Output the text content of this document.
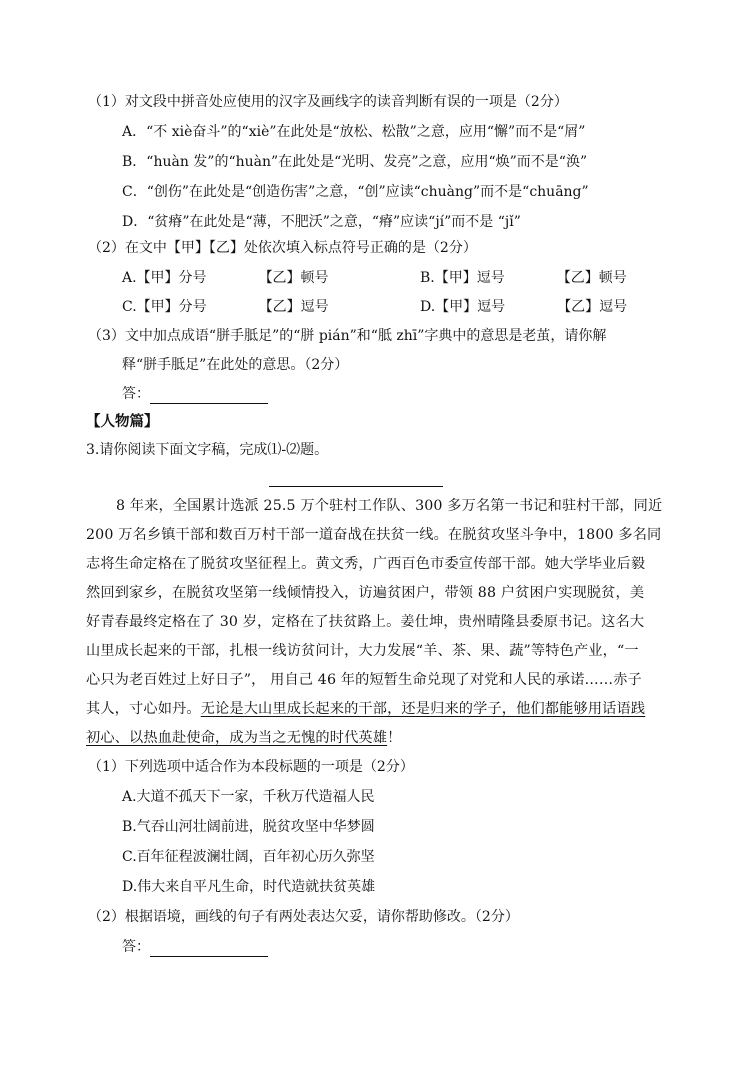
（1）对文段中拼音处应使用的汉字及画线字的读音判断有误的一项是（2分）
A．“不 xiè奋斗”的“xiè”在此处是“放松、松散”之意，应用“懈”而不是“屑”
B．“huàn 发”的“huàn”在此处是“光明、发亮”之意，应用“焕”而不是“涣”
C．“创伤”在此处是“创造伤害”之意，“创”应读“chuàng”而不是“chuāng”
D．“贫瘠”在此处是“薄，不肥沃”之意，“瘠”应读“jí”而不是 “jǐ”
（2）在文中【甲】【乙】处依次填入标点符号正确的是（2分）
A.【甲】分号	【乙】顿号	B.【甲】逗号	【乙】顿号
C.【甲】分号	【乙】逗号	D.【甲】逗号	【乙】逗号
（3）文中加点成语“胼手胝足”的“胼 pián”和“胝 zhī”字典中的意思是老茧，请你解
释“胼手胝足”在此处的意思。（2分）
答：
【人物篇】
3.请你阅读下面文字稿，完成⑴-⑵题。
8 年来，全国累计选派 25.5 万个驻村工作队、300 多万名第一书记和驻村干部，同近
200 万名乡镇干部和数百万村干部一道奋战在扶贫一线。在脱贫攻坚斗争中，1800 多名同
志将生命定格在了脱贫攻坚征程上。黄文秀，广西百色市委宣传部干部。她大学毕业后毅
然回到家乡，在脱贫攻坚第一线倾情投入，访遍贫困户，带领 88 户贫困户实现脱贫，美
好青春最终定格在了 30 岁，定格在了扶贫路上。姜仕坤，贵州晴隆县委原书记。这名大
山里成长起来的干部，扎根一线访贫问计，大力发展“羊、茶、果、蔬”等特色产业，“一
心只为老百姓过上好日子”， 用自己 46 年的短暂生命兑现了对党和人民的承诺……赤子
其人，寸心如丹。无论是大山里成长起来的干部，还是归来的学子，他们都能够用话语践
初心、以热血赴使命，成为当之无愧的时代英雄！
（1）下列选项中适合作为本段标题的一项是（2分）
A.大道不孤天下一家，千秋万代造福人民
B.气吞山河壮阔前进，脱贫攻坚中华梦圆
C.百年征程波澜壮阔，百年初心历久弥坚
D.伟大来自平凡生命，时代造就扶贫英雄
（2）根据语境，画线的句子有两处表达欠妥，请你帮助修改。（2分）
答：
